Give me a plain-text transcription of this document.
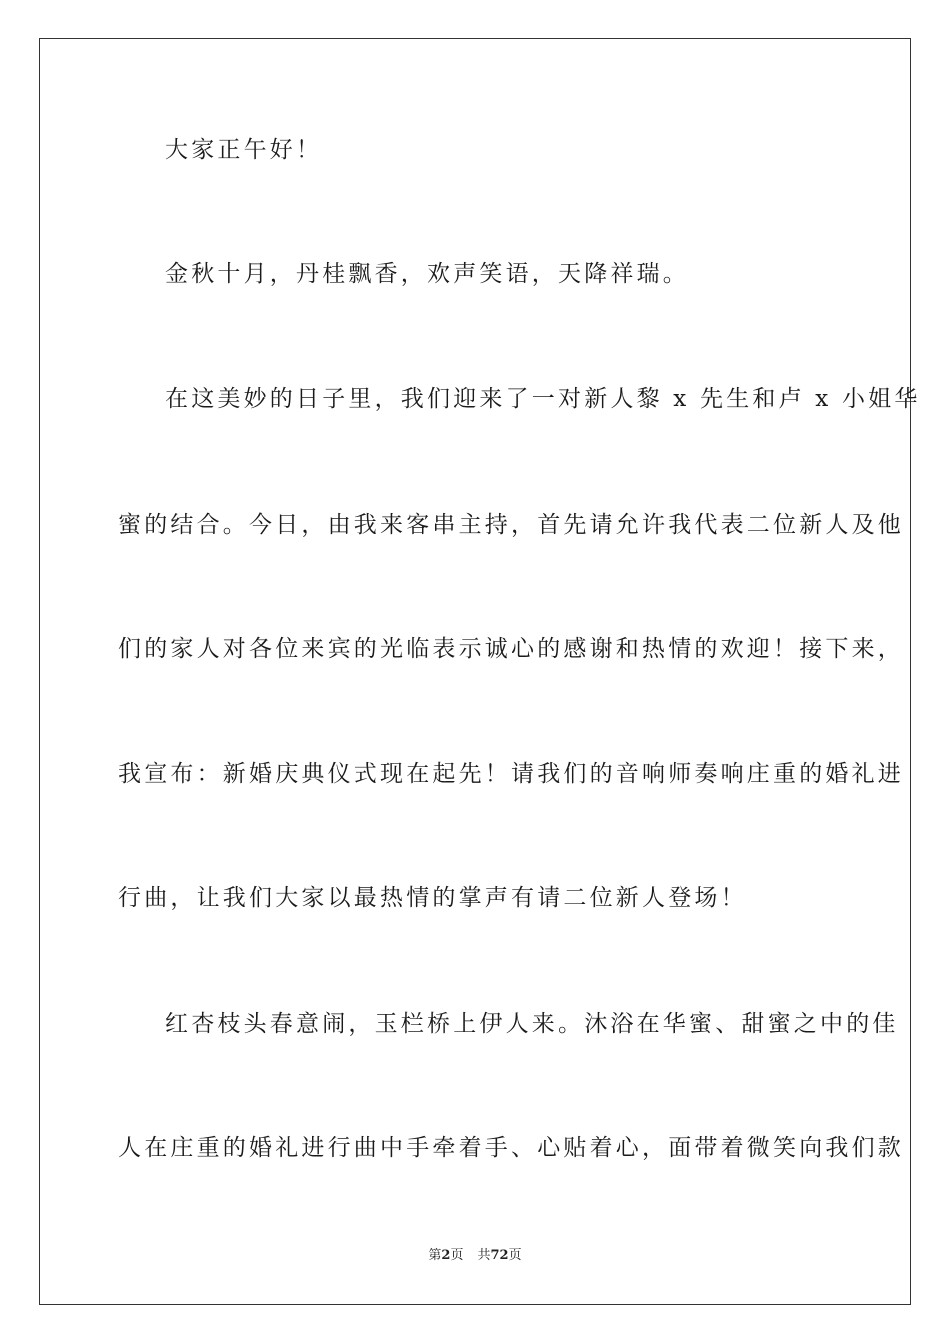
大家正午好！
金秋十月，丹桂飘香，欢声笑语，天降祥瑞。
在这美妙的日子里，我们迎来了一对新人黎 x 先生和卢 x 小姐华
蜜的结合。今日，由我来客串主持，首先请允许我代表二位新人及他
们的家人对各位来宾的光临表示诚心的感谢和热情的欢迎！接下来，
我宣布：新婚庆典仪式现在起先！请我们的音响师奏响庄重的婚礼进
行曲，让我们大家以最热情的掌声有请二位新人登场！
红杏枝头春意闹，玉栏桥上伊人来。沐浴在华蜜、甜蜜之中的佳
人在庄重的婚礼进行曲中手牵着手、心贴着心，面带着微笑向我们款
第2页 共72页
